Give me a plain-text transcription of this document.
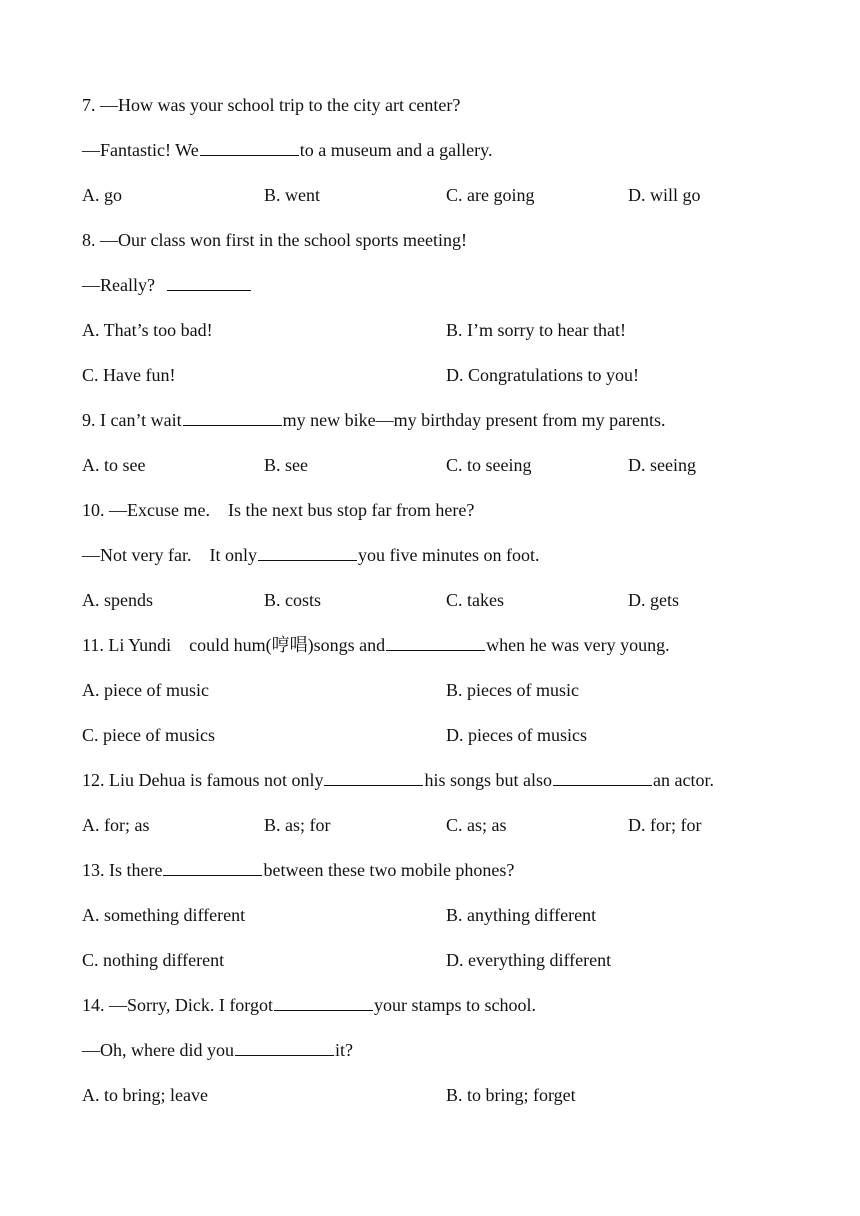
7. —How was your school trip to the city art center?
—Fantastic! We	to a museum and a gallery.
A. go	B. went	C. are going	D. will go
8. —Our class won first in the school sports meeting!
—Really?
A. That’s too bad!	B. I’m sorry to hear that!
C. Have fun!	D. Congratulations to you!
9. I can’t wait	my new bike—my birthday present from my parents.
A. to see	B. see	C. to seeing	D. seeing
10. —Excuse me.　Is the next bus stop far from here?
—Not very far.　It only	you five minutes on foot.
A. spends	B. costs	C. takes	D. gets
11. Li Yundi　could hum(哼唱)songs and	when he was very young.
A. piece of music	B. pieces of music
C. piece of musics	D. pieces of musics
12. Liu Dehua is famous not only	his songs but also	an actor.
A. for; as	B. as; for	C. as; as	D. for; for
13. Is there	between these two mobile phones?
A. something different	B. anything different
C. nothing different	D. everything different
14. —Sorry, Dick. I forgot	your stamps to school.
—Oh, where did you	it?
A. to bring; leave	B. to bring; forget
